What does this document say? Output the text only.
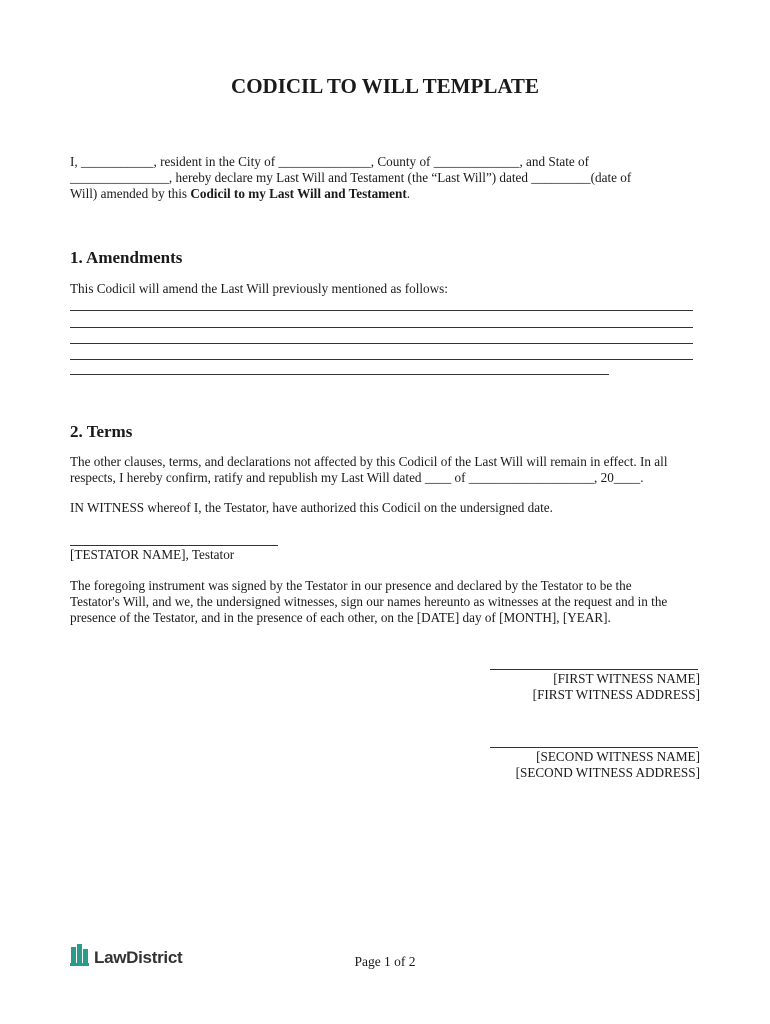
CODICIL TO WILL TEMPLATE
I, ___________, resident in the City of ______________, County of _____________, and State of
_______________, hereby declare my Last Will and Testament (the “Last Will”) dated _________(date of
Will) amended by this Codicil to my Last Will and Testament.
1. Amendments
This Codicil will amend the Last Will previously mentioned as follows:
2. Terms
The other clauses, terms, and declarations not affected by this Codicil of the Last Will will remain in effect. In all
respects, I hereby confirm, ratify and republish my Last Will dated ____ of ___________________, 20____.
IN WITNESS whereof I, the Testator, have authorized this Codicil on the undersigned date.
[TESTATOR NAME], Testator
The foregoing instrument was signed by the Testator in our presence and declared by the Testator to be the
Testator's Will, and we, the undersigned witnesses, sign our names hereunto as witnesses at the request and in the
presence of the Testator, and in the presence of each other, on the [DATE] day of [MONTH], [YEAR].
[FIRST WITNESS NAME]
[FIRST WITNESS ADDRESS]
[SECOND WITNESS NAME]
[SECOND WITNESS ADDRESS]
LawDistrict	Page 1 of 2
